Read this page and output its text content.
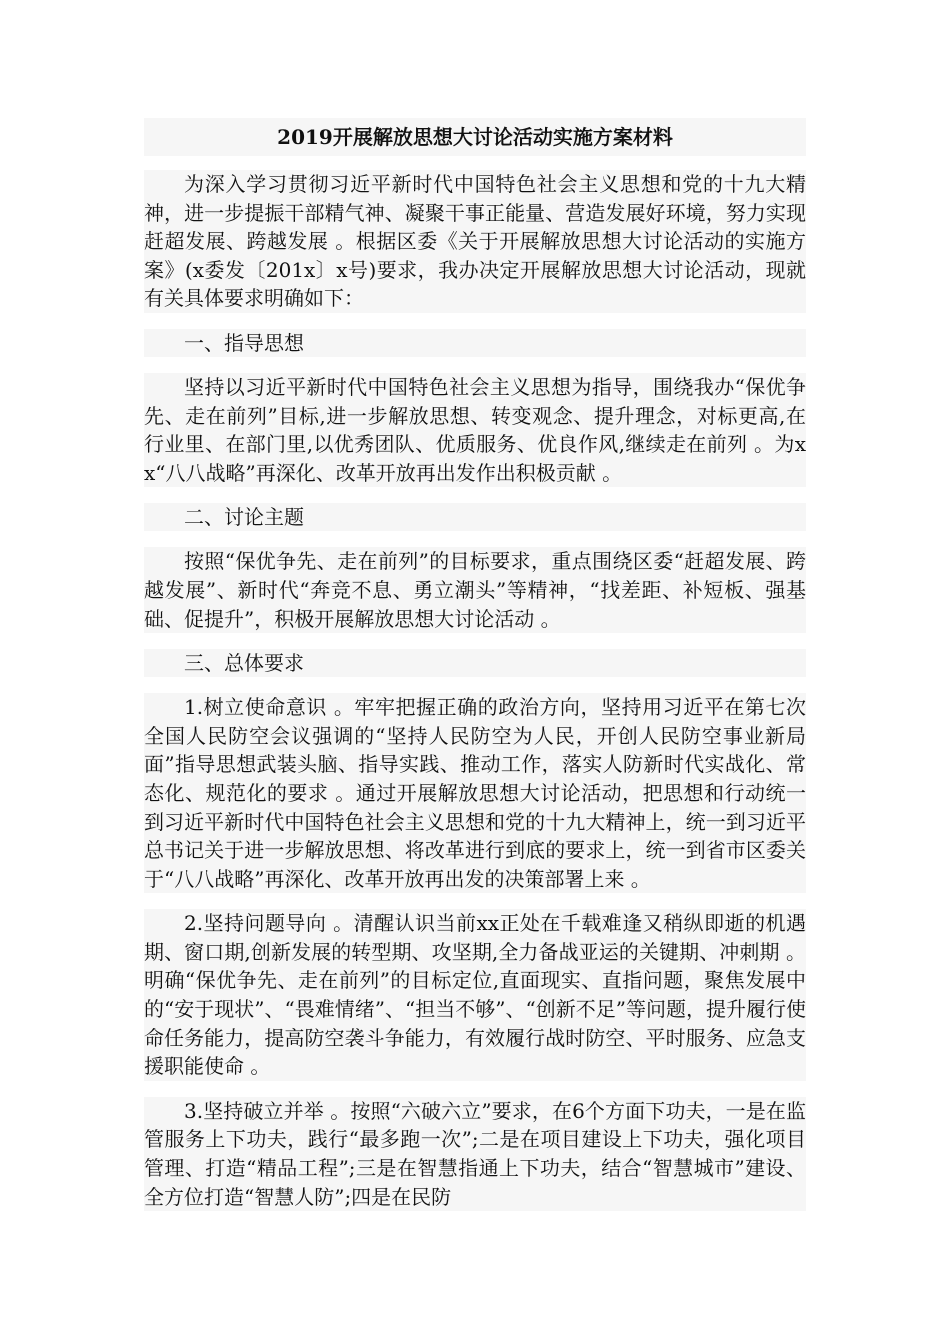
2019开展解放思想大讨论活动实施方案材料

为深入学习贯彻习近平新时代中国特色社会主义思想和党的十九大精神，进一步提振干部精气神、凝聚干事正能量、营造发展好环境，努力实现赶超发展、跨越发展 。根据区委《关于开展解放思想大讨论活动的实施方案》(x委发〔201x〕x号)要求，我办决定开展解放思想大讨论活动，现就有关具体要求明确如下：

一、指导思想

坚持以习近平新时代中国特色社会主义思想为指导，围绕我办“保优争先、走在前列”目标,进一步解放思想、转变观念、提升理念，对标更高,在行业里、在部门里,以优秀团队、优质服务、优良作风,继续走在前列 。为xx“八八战略”再深化、改革开放再出发作出积极贡献 。

二、讨论主题

按照“保优争先、走在前列”的目标要求，重点围绕区委“赶超发展、跨越发展”、新时代“奔竞不息、勇立潮头”等精神，“找差距、补短板、强基础、促提升”，积极开展解放思想大讨论活动 。

三、总体要求

1.树立使命意识 。牢牢把握正确的政治方向，坚持用习近平在第七次全国人民防空会议强调的“坚持人民防空为人民，开创人民防空事业新局面”指导思想武装头脑、指导实践、推动工作，落实人防新时代实战化、常态化、规范化的要求 。通过开展解放思想大讨论活动，把思想和行动统一到习近平新时代中国特色社会主义思想和党的十九大精神上，统一到习近平总书记关于进一步解放思想、将改革进行到底的要求上，统一到省市区委关于“八八战略”再深化、改革开放再出发的决策部署上来 。

2.坚持问题导向 。清醒认识当前xx正处在千载难逢又稍纵即逝的机遇期、窗口期,创新发展的转型期、攻坚期,全力备战亚运的关键期、冲刺期 。明确“保优争先、走在前列”的目标定位,直面现实、直指问题，聚焦发展中的“安于现状”、“畏难情绪”、“担当不够”、“创新不足”等问题，提升履行使命任务能力，提高防空袭斗争能力，有效履行战时防空、平时服务、应急支援职能使命 。

3.坚持破立并举 。按照“六破六立”要求，在6个方面下功夫，一是在监管服务上下功夫，践行“最多跑一次”;二是在项目建设上下功夫，强化项目管理、打造“精品工程”;三是在智慧指通上下功夫，结合“智慧城市”建设、全方位打造“智慧人防”;四是在民防
